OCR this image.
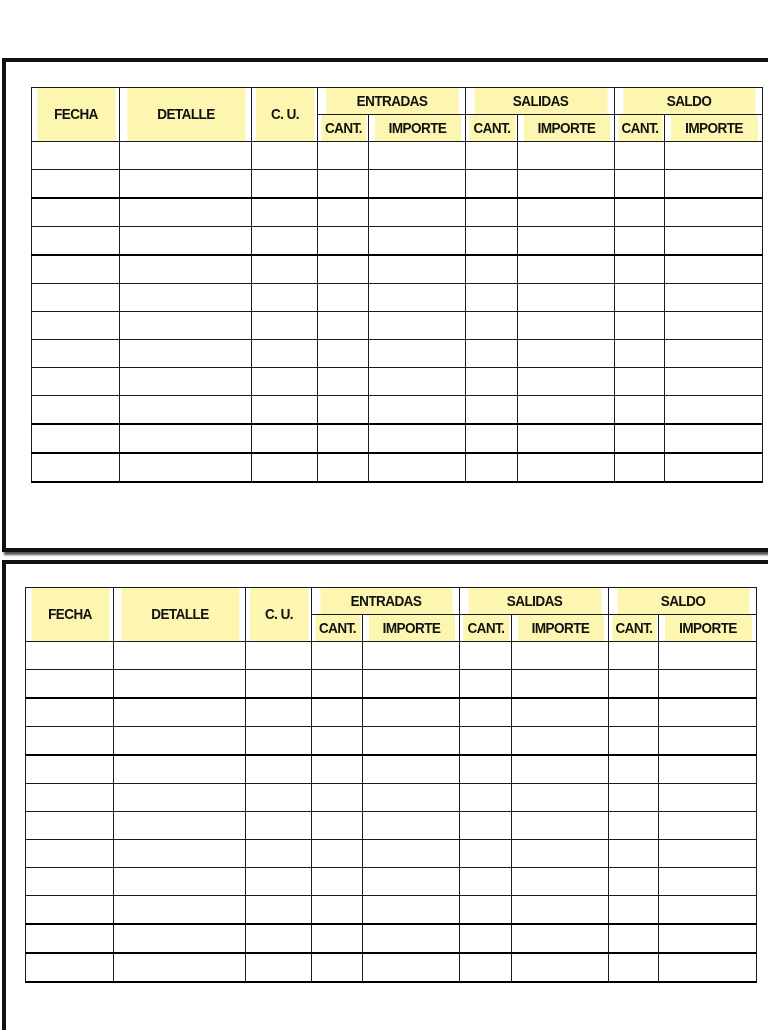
FECHA	DETALLE	C. U.	ENTRADAS		SALIDAS		SALDO	
			CANT.	IMPORTE	CANT.	IMPORTE	CANT.	IMPORTE

FECHA	DETALLE	C. U.	ENTRADAS		SALIDAS		SALDO	
			CANT.	IMPORTE	CANT.	IMPORTE	CANT.	IMPORTE
